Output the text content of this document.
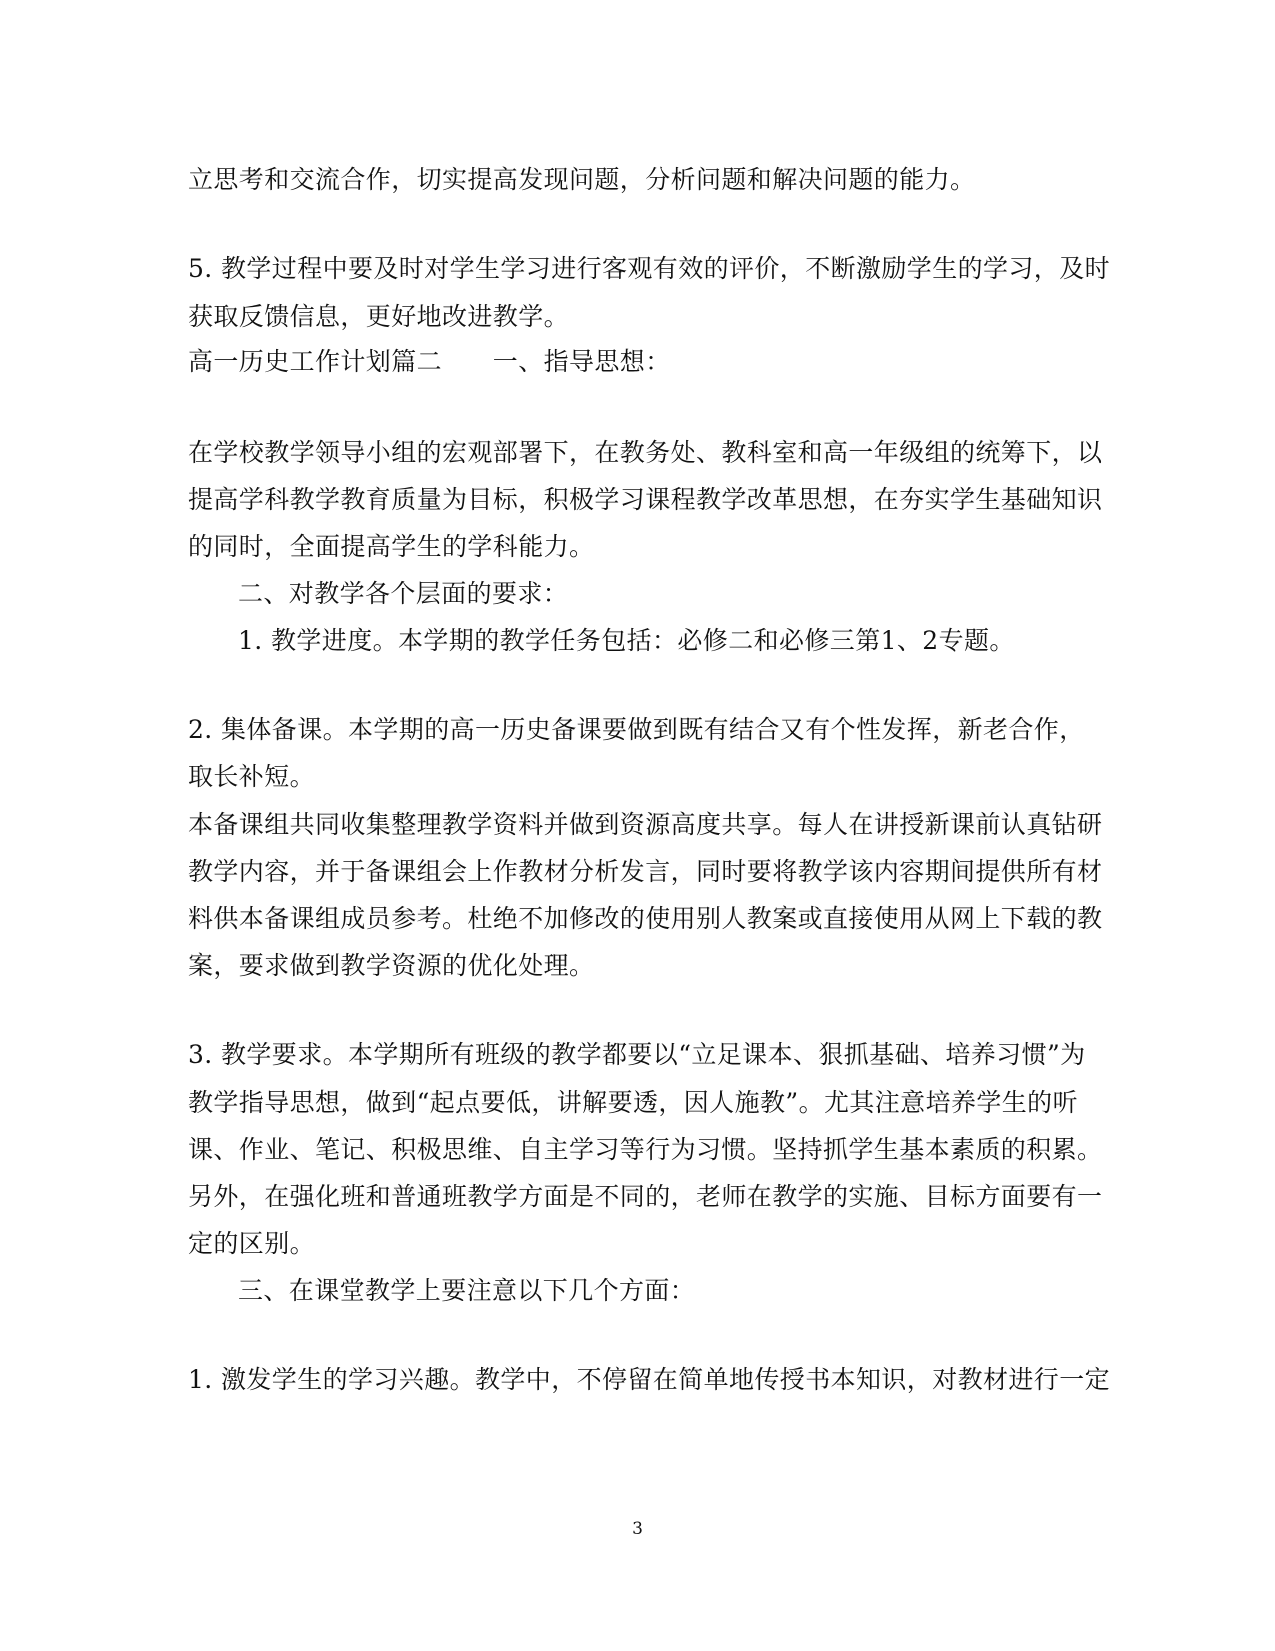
立思考和交流合作，切实提高发现问题，分析问题和解决问题的能力。
5. 教学过程中要及时对学生学习进行客观有效的评价，不断激励学生的学习，及时
获取反馈信息，更好地改进教学。
高一历史工作计划篇二　　一、指导思想：
在学校教学领导小组的宏观部署下，在教务处、教科室和高一年级组的统筹下，以
提高学科教学教育质量为目标，积极学习课程教学改革思想，在夯实学生基础知识
的同时，全面提高学生的学科能力。
二、对教学各个层面的要求：
1. 教学进度。本学期的教学任务包括：必修二和必修三第1、2专题。
2. 集体备课。本学期的高一历史备课要做到既有结合又有个性发挥，新老合作，
取长补短。
本备课组共同收集整理教学资料并做到资源高度共享。每人在讲授新课前认真钻研
教学内容，并于备课组会上作教材分析发言，同时要将教学该内容期间提供所有材
料供本备课组成员参考。杜绝不加修改的使用别人教案或直接使用从网上下载的教
案，要求做到教学资源的优化处理。
3. 教学要求。本学期所有班级的教学都要以“立足课本、狠抓基础、培养习惯”为
教学指导思想，做到“起点要低，讲解要透，因人施教”。尤其注意培养学生的听
课、作业、笔记、积极思维、自主学习等行为习惯。坚持抓学生基本素质的积累。
另外，在强化班和普通班教学方面是不同的，老师在教学的实施、目标方面要有一
定的区别。
三、在课堂教学上要注意以下几个方面：
1. 激发学生的学习兴趣。教学中，不停留在简单地传授书本知识，对教材进行一定
3
